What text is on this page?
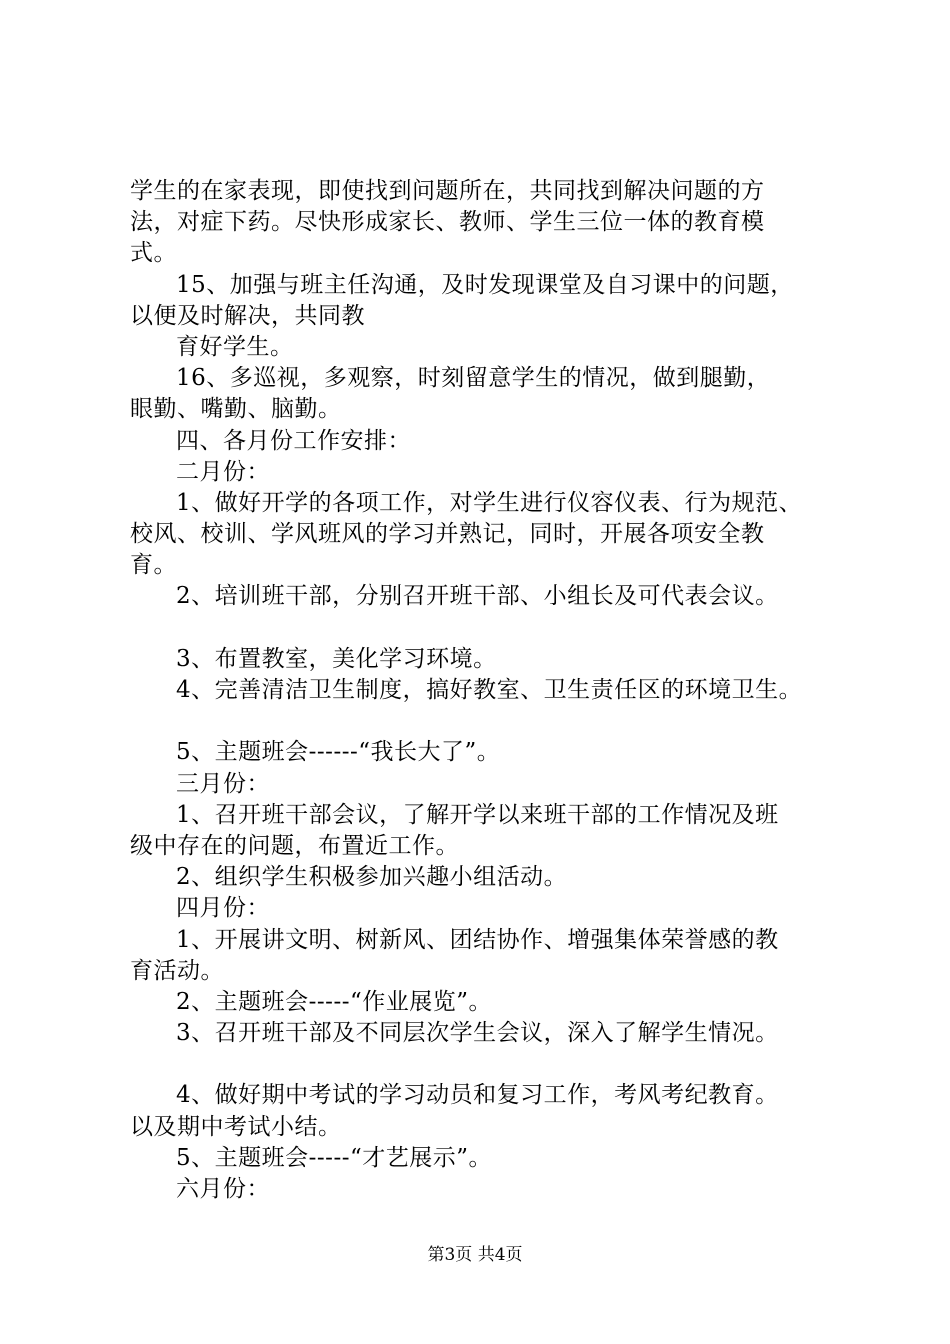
学生的在家表现，即使找到问题所在，共同找到解决问题的方
法，对症下药。尽快形成家长、教师、学生三位一体的教育模
式。
15、加强与班主任沟通，及时发现课堂及自习课中的问题，
以便及时解决，共同教
育好学生。
16、多巡视，多观察，时刻留意学生的情况，做到腿勤，
眼勤、嘴勤、脑勤。
四、各月份工作安排：
二月份：
1、做好开学的各项工作，对学生进行仪容仪表、行为规范、
校风、校训、学风班风的学习并熟记，同时，开展各项安全教
育。
2、培训班干部，分别召开班干部、小组长及可代表会议。
3、布置教室，美化学习环境。
4、完善清洁卫生制度，搞好教室、卫生责任区的环境卫生。
5、主题班会------“我长大了”。
三月份：
1、召开班干部会议，了解开学以来班干部的工作情况及班
级中存在的问题，布置近工作。
2、组织学生积极参加兴趣小组活动。
四月份：
1、开展讲文明、树新风、团结协作、增强集体荣誉感的教
育活动。
2、主题班会-----“作业展览”。
3、召开班干部及不同层次学生会议，深入了解学生情况。
4、做好期中考试的学习动员和复习工作，考风考纪教育。
以及期中考试小结。
5、主题班会-----“才艺展示”。
六月份：
第3页 共4页
